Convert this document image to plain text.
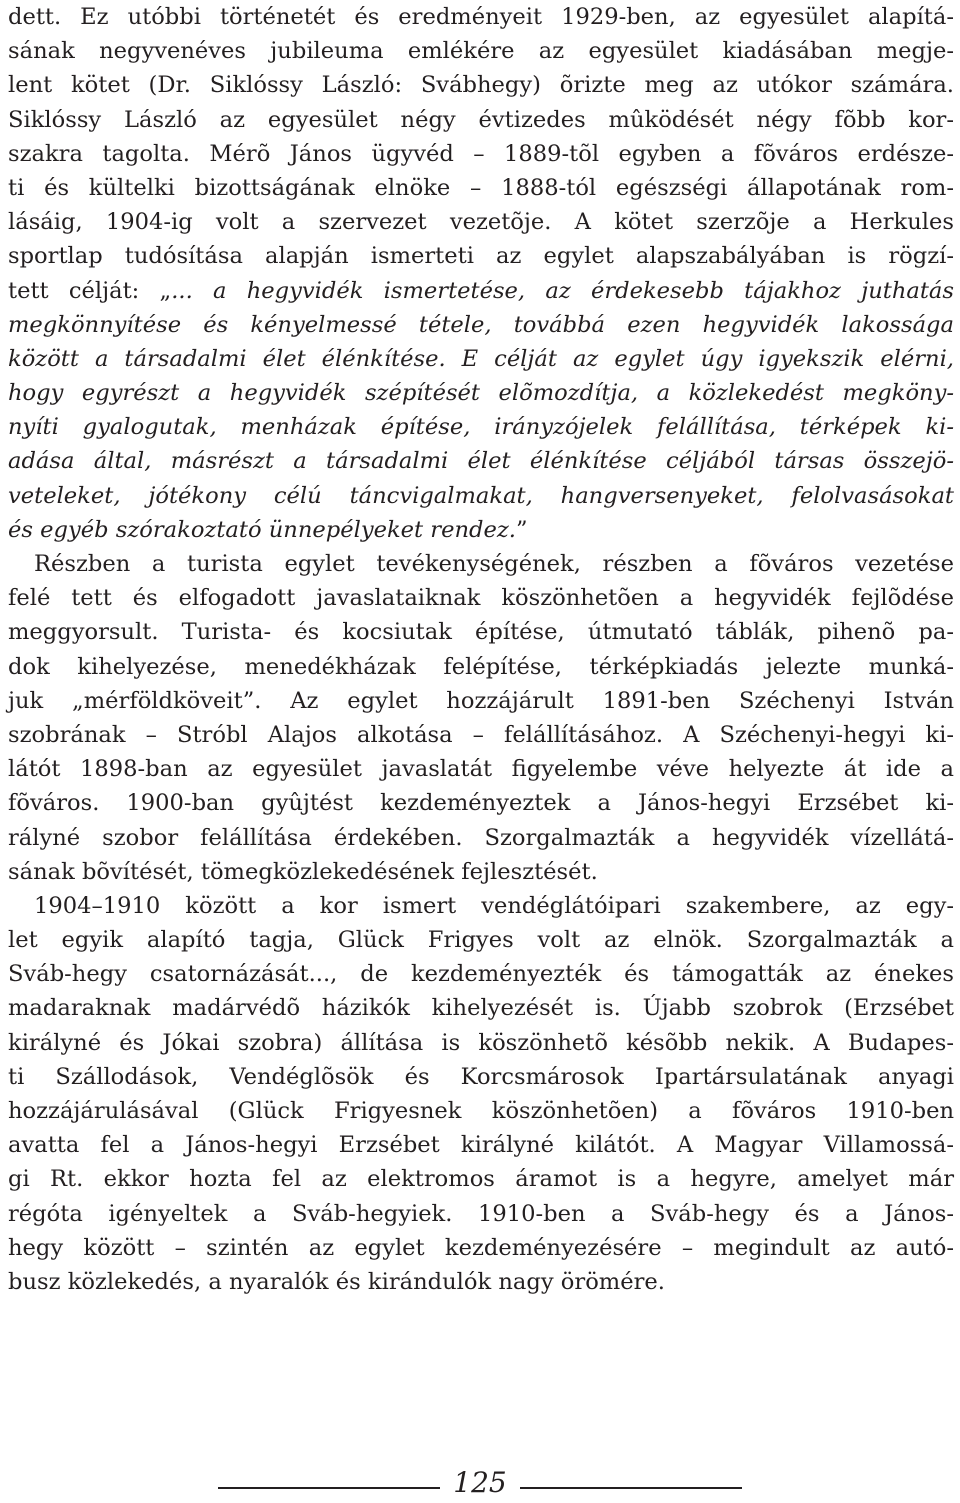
dett. Ez utóbbi történetét és eredményeit 1929-ben, az egyesület alapítá-
sának negyvenéves jubileuma emlékére az egyesület kiadásában megje-
lent kötet (Dr. Siklóssy László: Svábhegy) õrizte meg az utókor számára.
Siklóssy László az egyesület négy évtizedes mûködését négy fõbb kor-
szakra tagolta. Mérõ János ügyvéd – 1889-tõl egyben a fõváros erdésze-
ti és kültelki bizottságának elnöke – 1888-tól egészségi állapotának rom-
lásáig, 1904-ig volt a szervezet vezetõje. A kötet szerzõje a Herkules
sportlap tudósítása alapján ismerteti az egylet alapszabályában is rögzí-
tett célját: „... a hegyvidék ismertetése, az érdekesebb tájakhoz juthatás
megkönnyítése és kényelmessé tétele, továbbá ezen hegyvidék lakossága
között a társadalmi élet élénkítése. E célját az egylet úgy igyekszik elérni,
hogy egyrészt a hegyvidék szépítését elõmozdítja, a közlekedést megköny-
nyíti gyalogutak, menházak építése, irányzójelek felállítása, térképek ki-
adása által, másrészt a társadalmi élet élénkítése céljából társas összejö-
veteleket, jótékony célú táncvigalmakat, hangversenyeket, felolvasásokat
és egyéb szórakoztató ünnepélyeket rendez.”
Részben a turista egylet tevékenységének, részben a fõváros vezetése
felé tett és elfogadott javaslataiknak köszönhetõen a hegyvidék fejlõdése
meggyorsult. Turista- és kocsiutak építése, útmutató táblák, pihenõ pa-
dok kihelyezése, menedékházak felépítése, térképkiadás jelezte munká-
juk „mérföldköveit”. Az egylet hozzájárult 1891-ben Széchenyi István
szobrának – Stróbl Alajos alkotása – felállításához. A Széchenyi-hegyi ki-
látót 1898-ban az egyesület javaslatát figyelembe véve helyezte át ide a
fõváros. 1900-ban gyûjtést kezdeményeztek a János-hegyi Erzsébet ki-
rályné szobor felállítása érdekében. Szorgalmazták a hegyvidék vízellátá-
sának bõvítését, tömegközlekedésének fejlesztését.
1904–1910 között a kor ismert vendéglátóipari szakembere, az egy-
let egyik alapító tagja, Glück Frigyes volt az elnök. Szorgalmazták a
Sváb-hegy csatornázását..., de kezdeményezték és támogatták az énekes
madaraknak madárvédõ házikók kihelyezését is. Újabb szobrok (Erzsébet
királyné és Jókai szobra) állítása is köszönhetõ késõbb nekik. A Budapes-
ti Szállodások, Vendéglõsök és Korcsmárosok Ipartársulatának anyagi
hozzájárulásával (Glück Frigyesnek köszönhetõen) a fõváros 1910-ben
avatta fel a János-hegyi Erzsébet királyné kilátót. A Magyar Villamossá-
gi Rt. ekkor hozta fel az elektromos áramot is a hegyre, amelyet már
régóta igényeltek a Sváb-hegyiek. 1910-ben a Sváb-hegy és a János-
hegy között – szintén az egylet kezdeményezésére – megindult az autó-
busz közlekedés, a nyaralók és kirándulók nagy örömére.
125
